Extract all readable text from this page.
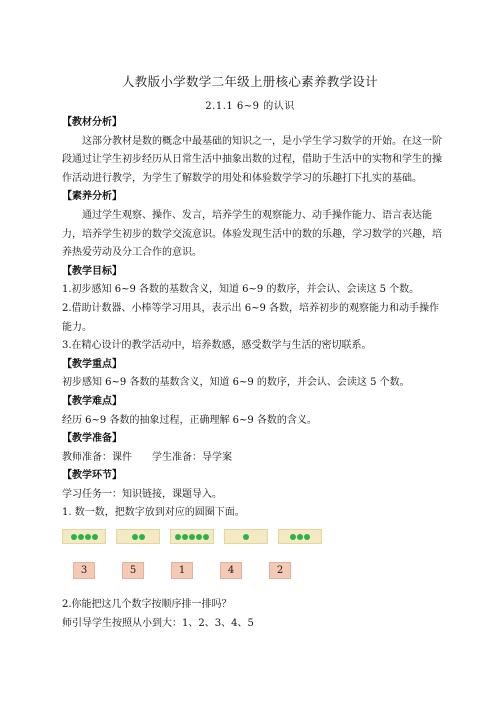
人教版小学数学二年级上册核心素养教学设计
2.1.1 6~9 的认识

【教材分析】

这部分教材是数的概念中最基础的知识之一，是小学生学习数学的开始。在这一阶段通过让学生初步经历从日常生活中抽象出数的过程，借助于生活中的实物和学生的操作活动进行教学，为学生了解数学的用处和体验数学学习的乐趣打下扎实的基础。

【素养分析】

通过学生观察、操作、发言，培养学生的观察能力、动手操作能力、语言表达能力，培养学生初步的数学交流意识。体验发现生活中的数的乐趣，学习数学的兴趣，培养热爱劳动及分工合作的意识。

【教学目标】

1.初步感知 6~9 各数的基数含义，知道 6~9 的数序，并会认、会读这 5 个数。

2.借助计数器、小棒等学习用具，表示出 6~9 各数，培养初步的观察能力和动手操作能力。

3.在精心设计的教学活动中，培养数感，感受数学与生活的密切联系。

【教学重点】

初步感知 6~9 各数的基数含义，知道 6~9 的数序，并会认、会读这 5 个数。

【教学难点】

经历 6~9 各数的抽象过程，正确理解 6~9 各数的含义。

【教学准备】

教师准备：课件 学生准备：导学案

【教学环节】

学习任务一：知识链接，课题导入。

1. 数一数，把数字放到对应的圆圈下面。

3	5	1	4	2

2.你能把这几个数字按顺序排一排吗？

师引导学生按照从小到大：1、2、3、4、5
